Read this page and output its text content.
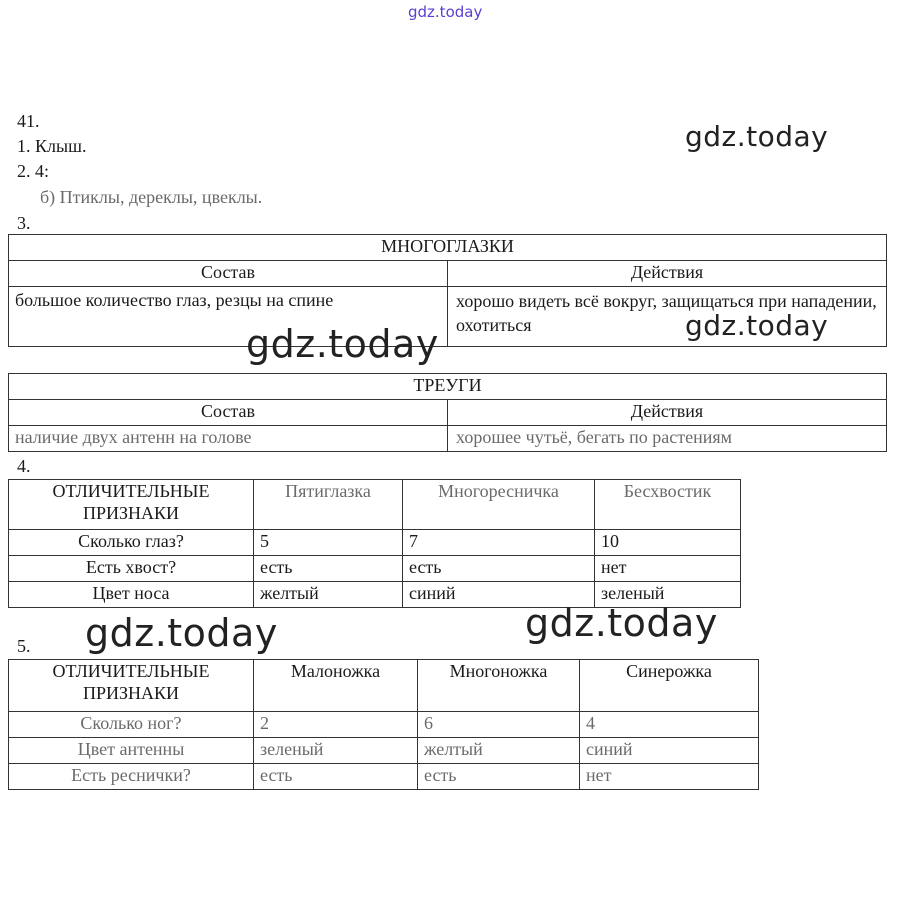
gdz.today
41.
1. Клыш.
2. 4:
б) Птиклы, дереклы, цвеклы.
3.
МНОГОГЛАЗКИ	
Состав	Действия
большое количество глаз, резцы на спине	хорошо видеть всё вокруг, защищаться при нападении, охотиться
ТРЕУГИ	
Состав	Действия
наличие двух антенн на голове	хорошее чутьё, бегать по растениям
4.
ОТЛИЧИТЕЛЬНЫЕ ПРИЗНАКИ	Пятиглазка	Многоресничка	Бесхвостик
Сколько глаз?	5	7	10
Есть хвост?	есть	есть	нет
Цвет носа	желтый	синий	зеленый
5.
ОТЛИЧИТЕЛЬНЫЕ ПРИЗНАКИ	Малоножка	Многоножка	Синерожка
Сколько ног?	2	6	4
Цвет антенны	зеленый	желтый	синий
Есть реснички?	есть	есть	нет
gdz.today
gdz.today
gdz.today
gdz.today	gdz.today
